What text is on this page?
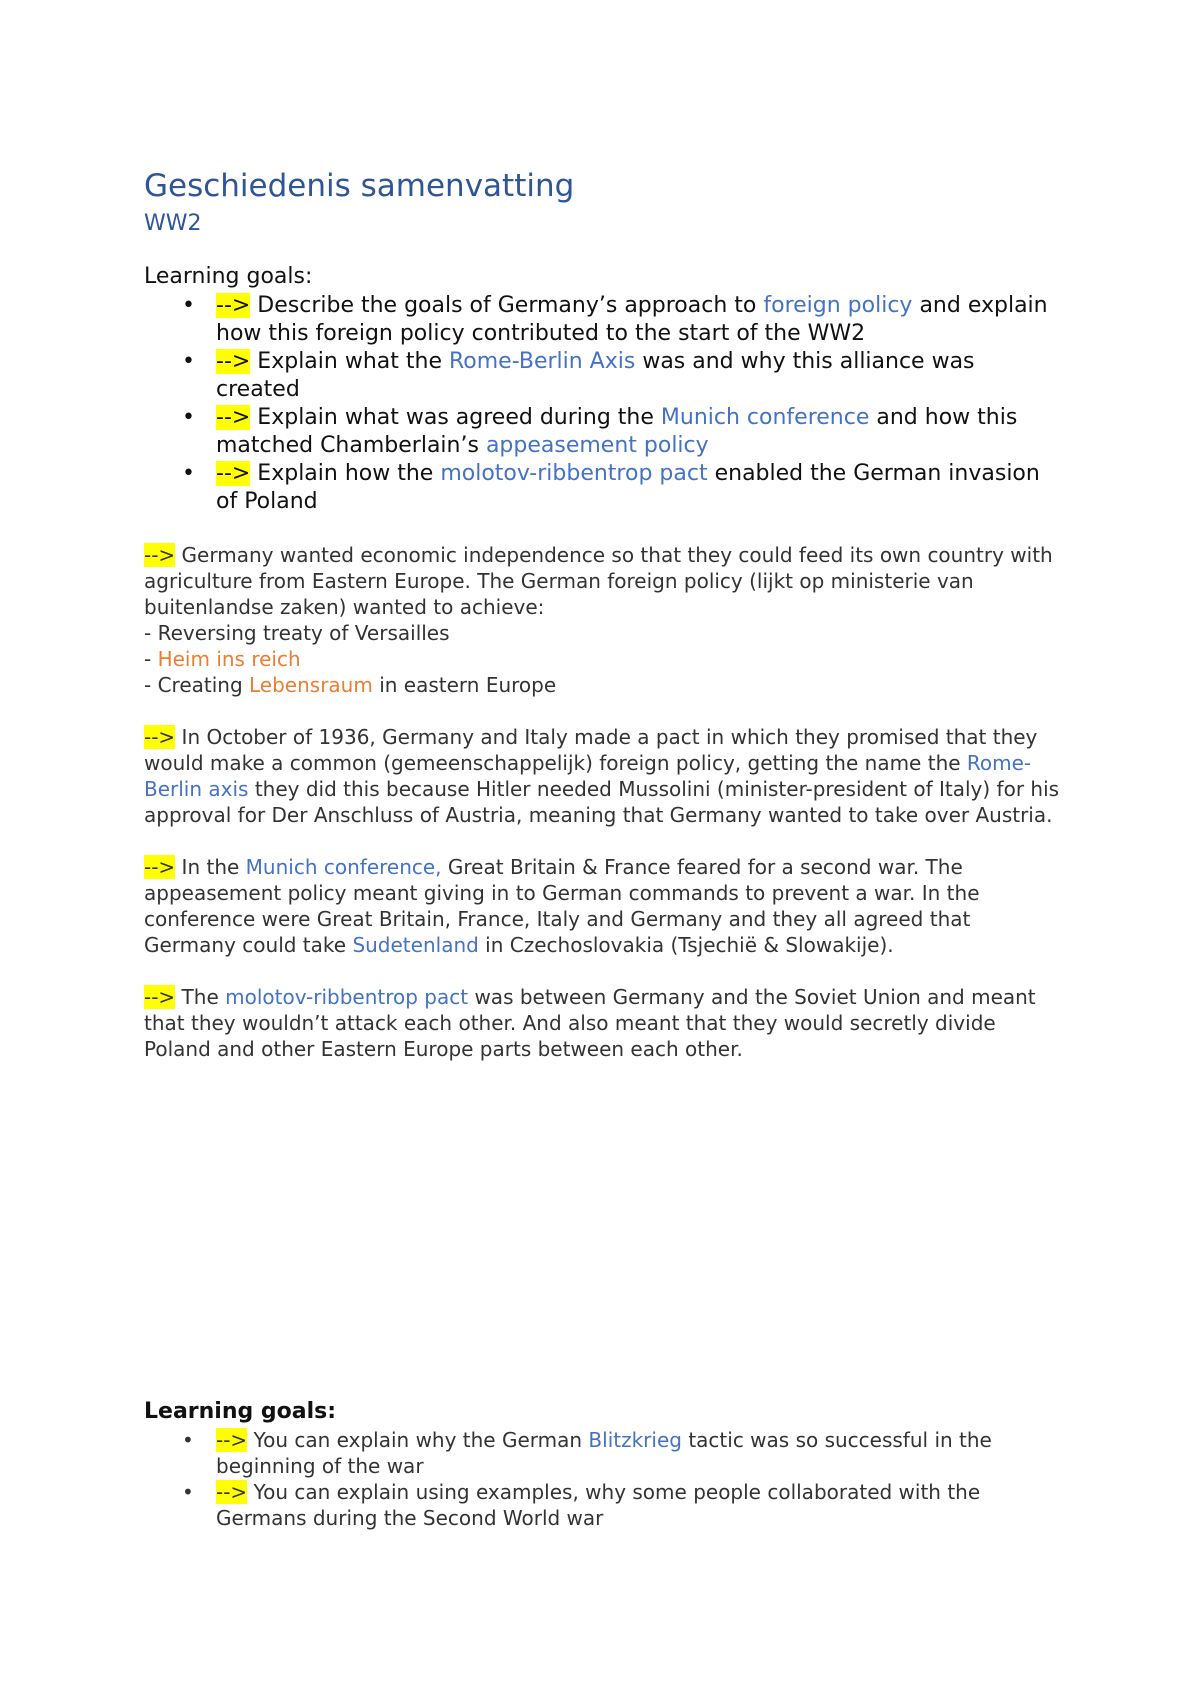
Geschiedenis samenvatting
WW2
Learning goals:
• --> Describe the goals of Germany’s approach to foreign policy and explain how this foreign policy contributed to the start of the WW2
• --> Explain what the Rome-Berlin Axis was and why this alliance was created
• --> Explain what was agreed during the Munich conference and how this matched Chamberlain’s appeasement policy
• --> Explain how the molotov-ribbentrop pact enabled the German invasion of Poland

--> Germany wanted economic independence so that they could feed its own country with agriculture from Eastern Europe. The German foreign policy (lijkt op ministerie van buitenlandse zaken) wanted to achieve:

- Reversing treaty of Versailles

- Heim ins reich

- Creating Lebensraum in eastern Europe

--> In October of 1936, Germany and Italy made a pact in which they promised that they would make a common (gemeenschappelijk) foreign policy, getting the name the Rome-Berlin axis they did this because Hitler needed Mussolini (minister-president of Italy) for his approval for Der Anschluss of Austria, meaning that Germany wanted to take over Austria.

--> In the Munich conference, Great Britain & France feared for a second war. The appeasement policy meant giving in to German commands to prevent a war. In the conference were Great Britain, France, Italy and Germany and they all agreed that Germany could take Sudetenland in Czechoslovakia (Tsjechië & Slowakije).

--> The molotov-ribbentrop pact was between Germany and the Soviet Union and meant that they wouldn’t attack each other. And also meant that they would secretly divide Poland and other Eastern Europe parts between each other.

Learning goals:
• --> You can explain why the German Blitzkrieg tactic was so successful in the beginning of the war
• --> You can explain using examples, why some people collaborated with the Germans during the Second World war
